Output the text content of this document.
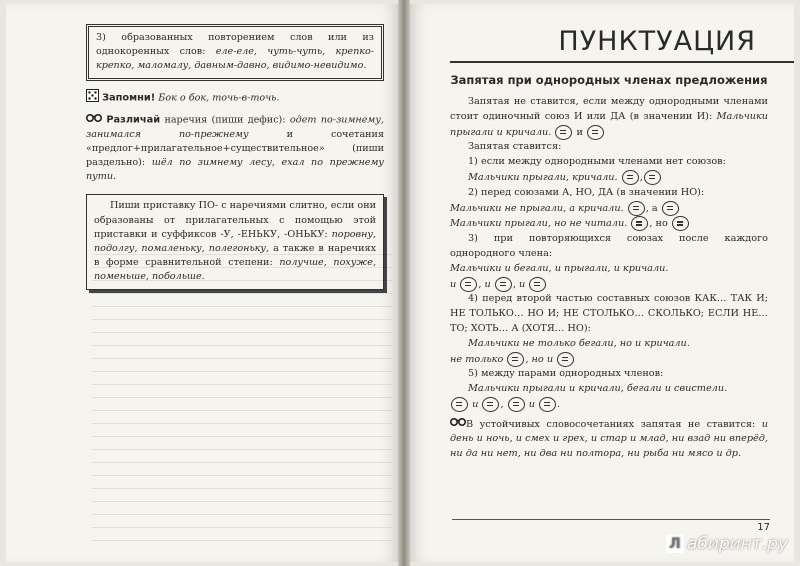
3) образованных повторением слов или из однокоренных слов: еле-еле, чуть-чуть, крепко-крепко, маломалу, давным-давно, видимо-невидимо.

Запомни! Бок о бок, точь-в-точь.

Различай наречия (пиши дефис): одет по-зимнему, занимался по-прежнему и сочетания «предлог+прилагательное+существительное» (пиши раздельно): шёл по зимнему лесу, ехал по прежнему пути.

Пиши приставку ПО- с наречиями слитно, если они образованы от прилагательных с помощью этой приставки и суффиксов -У, -ЕНЬКУ, -ОНЬКУ: поровну, подолгу, помаленьку, полегоньку, а также в наречиях в форме сравнительной степени: получше, похуже, поменьше, побольше.

ПУНКТУАЦИЯ
Запятая при однородных членах предложения

Запятая не ставится, если между однородными членами стоит одиночный союз И или ДА (в значении И): Мальчики прыгали и кричали.	и

Запятая ставится:

1) если между однородными членами нет союзов:

Мальчики прыгали, кричали. ,

2) перед союзами А, НО, ДА (в значении НО):

Мальчики не прыгали, а кричали. , а

Мальчики прыгали, но не читали. , но

3) при повторяющихся союзах после каждого однородного члена:

Мальчики и бегали, и прыгали, и кричали.

и , и , и

4) перед второй частью составных союзов КАК… ТАК И; НЕ ТОЛЬКО… НО И; НЕ СТОЛЬКО… СКОЛЬКО; ЕСЛИ НЕ… ТО; ХОТЬ… А (ХОТЯ… НО):

Мальчики не только бегали, но и кричали.

не только , но и

5) между парами однородных членов:

Мальчики прыгали и кричали, бегали и свистели.

и ,  и .

В устойчивых словосочетаниях запятая не ставится: и день и ночь, и смех и грех, и стар и млад, ни взад ни вперёд, ни да ни нет, ни два ни полтора, ни рыба ни мясо и др.

17
Л абиринт.ру
